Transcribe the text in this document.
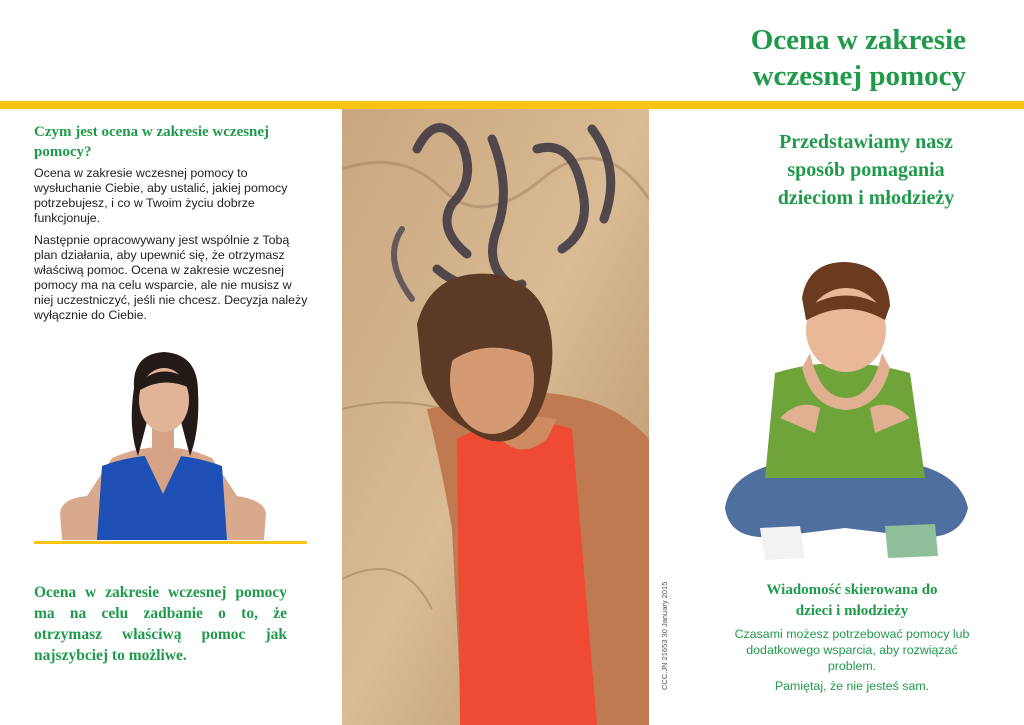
Ocena w zakresie
wczesnej pomocy
Czym jest ocena w zakresie wczesnej pomocy?

Ocena w zakresie wczesnej pomocy to wysłuchanie Ciebie, aby ustalić, jakiej pomocy potrzebujesz, i co w Twoim życiu dobrze funkcjonuje.

Następnie opracowywany jest wspólnie z Tobą plan działania, aby upewnić się, że otrzymasz właściwą pomoc. Ocena w zakresie wczesnej pomocy ma na celu wsparcie, ale nie musisz w niej uczestniczyć, jeśli nie chcesz. Decyzja należy wyłącznie do Ciebie.

Ocena w zakresie wczesnej pomocy ma na celu zadbanie o to, że otrzymasz właściwą pomoc jak najszybciej to możliwe.	CCC.JN 21653 30 January 2015
Przedstawiamy nasz
sposób pomagania
dzieciom i młodzieży
Wiadomość skierowana do
dzieci i młodzieży

Czasami możesz potrzebować pomocy lub dodatkowego wsparcia, aby rozwiązać problem.

Pamiętaj, że nie jesteś sam.
